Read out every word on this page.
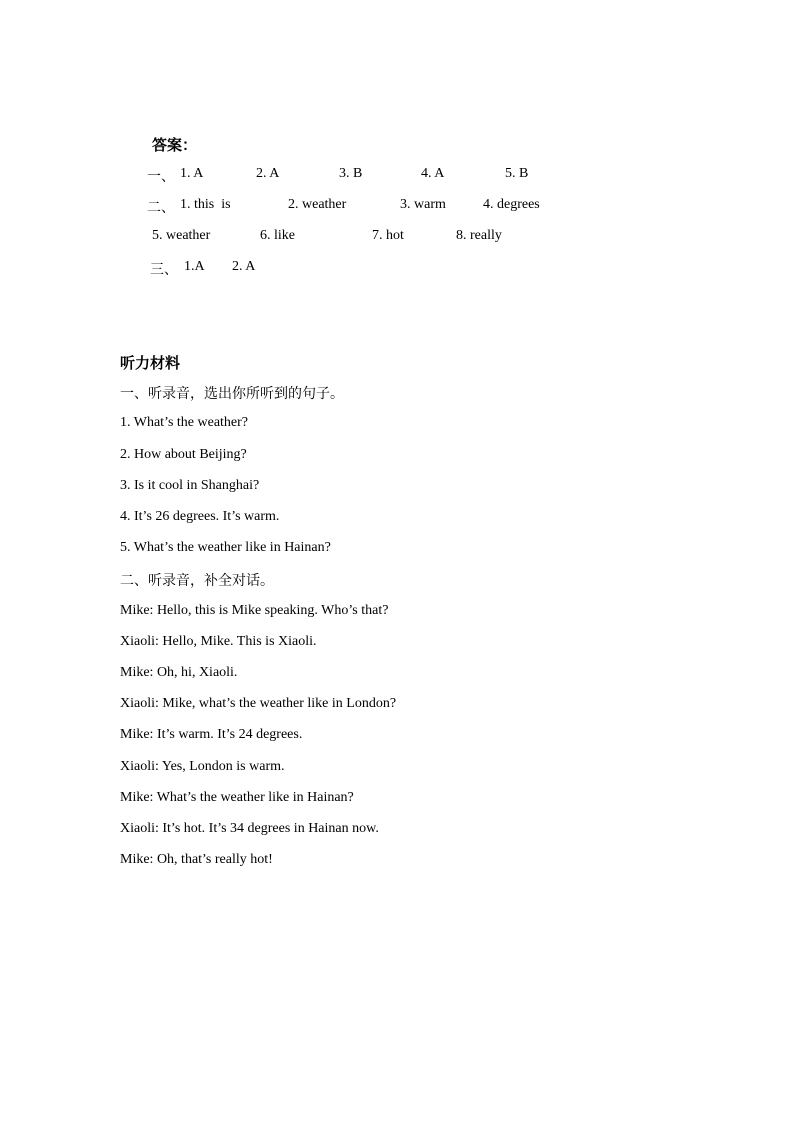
答案：
一、 1. A	2. A	3. B	4. A	5. B
二、 1. this  is	2. weather	3. warm	4. degrees
5. weather	6. like	7. hot	8. really
三、 1.A 2. A
听力材料
一、听录音，选出你所听到的句子。
1. What’s the weather?
2. How about Beijing?
3. Is it cool in Shanghai?
4. It’s 26 degrees. It’s warm.
5. What’s the weather like in Hainan?
二、听录音，补全对话。
Mike: Hello, this is Mike speaking. Who’s that?
Xiaoli: Hello, Mike. This is Xiaoli.
Mike: Oh, hi, Xiaoli.
Xiaoli: Mike, what’s the weather like in London?
Mike: It’s warm. It’s 24 degrees.
Xiaoli: Yes, London is warm.
Mike: What’s the weather like in Hainan?
Xiaoli: It’s hot. It’s 34 degrees in Hainan now.
Mike: Oh, that’s really hot!
